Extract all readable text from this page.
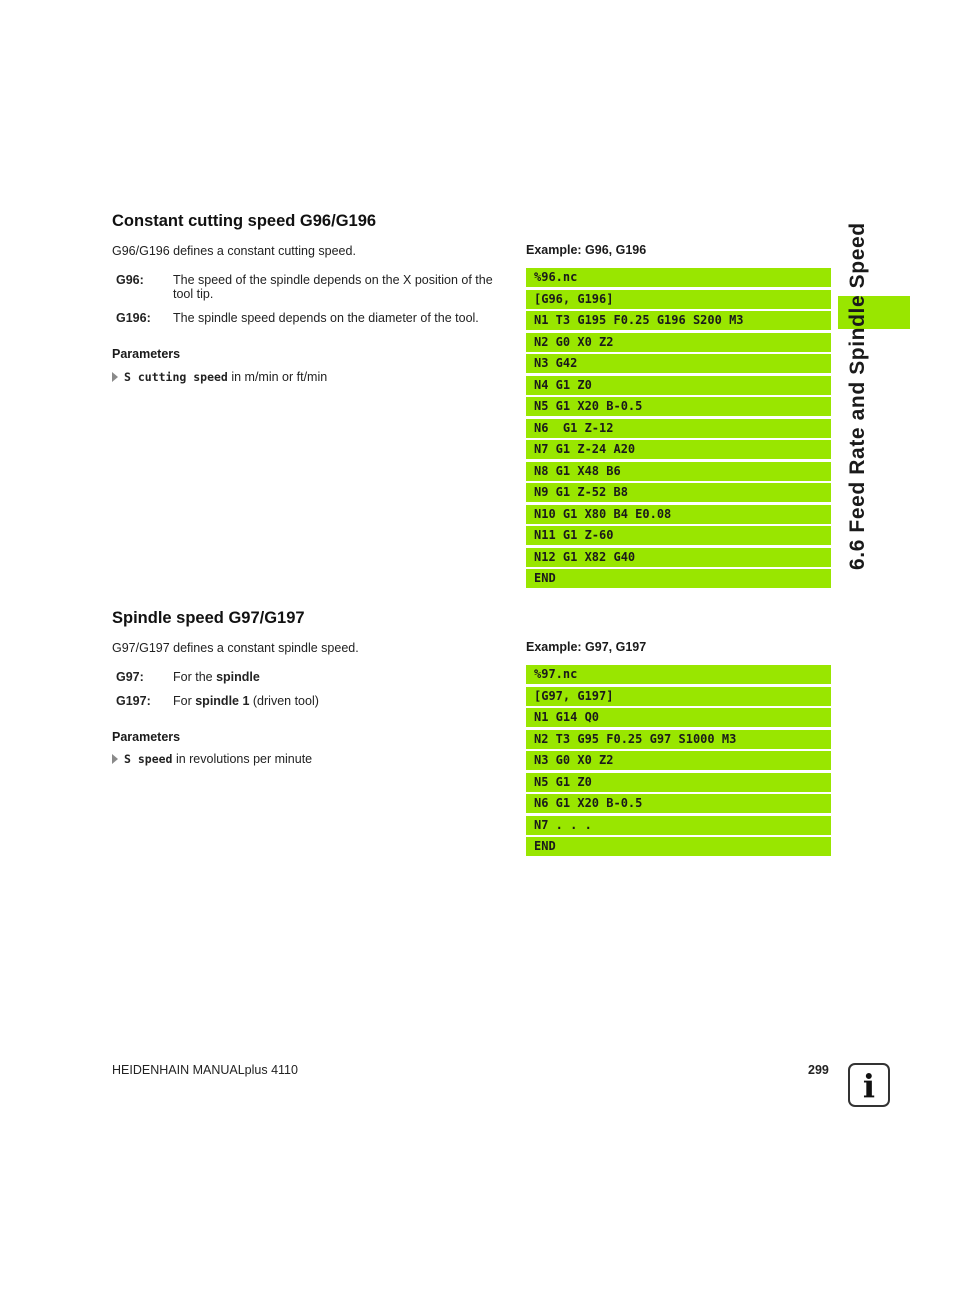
6.6 Feed Rate and Spindle Speed
Constant cutting speed G96/G196
G96/G196 defines a constant cutting speed.
G96: The speed of the spindle depends on the X position of the tool tip.
G196: The spindle speed depends on the diameter of the tool.
Parameters
S cutting speed in m/min or ft/min
Example: G96, G196
%96.nc
[G96, G196]
N1 T3 G195 F0.25 G196 S200 M3
N2 G0 X0 Z2
N3 G42
N4 G1 Z0
N5 G1 X20 B-0.5
N6  G1 Z-12
N7 G1 Z-24 A20
N8 G1 X48 B6
N9 G1 Z-52 B8
N10 G1 X80 B4 E0.08
N11 G1 Z-60
N12 G1 X82 G40
END
Spindle speed G97/G197
G97/G197 defines a constant spindle speed.
G97: For the spindle
G197: For spindle 1 (driven tool)
Parameters
S speed in revolutions per minute
Example: G97, G197
%97.nc
[G97, G197]
N1 G14 Q0
N2 T3 G95 F0.25 G97 S1000 M3
N3 G0 X0 Z2
N5 G1 Z0
N6 G1 X20 B-0.5
N7 . . .
END
HEIDENHAIN MANUALplus 4110	299	i
